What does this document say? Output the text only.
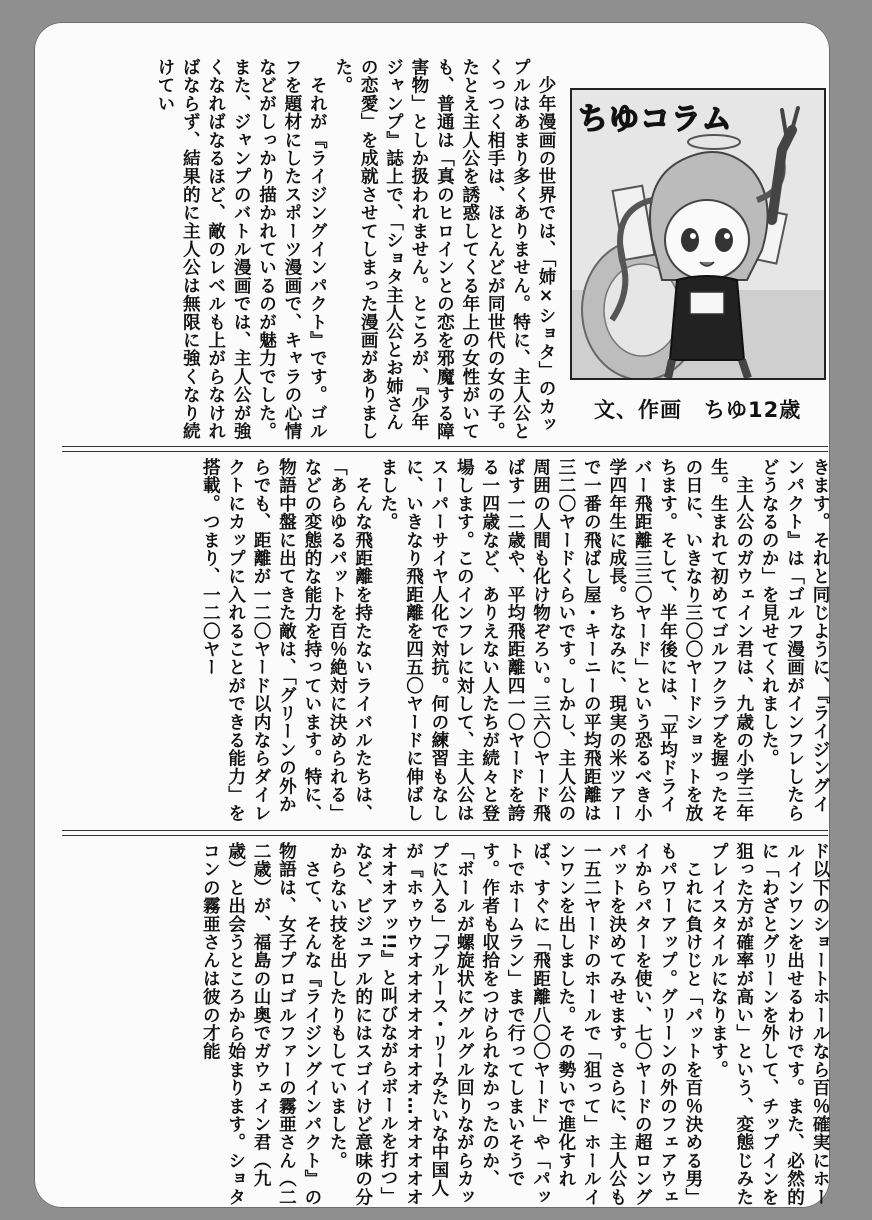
ちゆコラム
文、作画　ちゆ12歳
　少年漫画の世界では、「姉×ショタ」のカップルはあまり多くありません。特に、主人公とくっつく相手は、ほとんどが同世代の女の子。たとえ主人公を誘惑してくる年上の女性がいても、普通は「真のヒロインとの恋を邪魔する障害物」としか扱われません。ところが、『少年ジャンプ』誌上で、「ショタ主人公とお姉さんの恋愛」を成就させてしまった漫画がありました。
　それが『ライジングインパクト』です。ゴルフを題材にしたスポーツ漫画で、キャラの心情などがしっかり描かれているのが魅力でした。また、ジャンプのバトル漫画では、主人公が強くなればなるほど、敵のレベルも上がらなければならず、結果的に主人公は無限に強くなり続けてい
きます。それと同じように、『ライジングインパクト』は「ゴルフ漫画がインフレしたらどうなるのか」を見せてくれました。
　主人公のガウェイン君は、九歳の小学三年生。生まれて初めてゴルフクラブを握ったその日に、いきなり三〇〇ヤードショットを放ちます。そして、半年後には、「平均ドライバー飛距離三三〇ヤード」という恐るべき小学四年生に成長。ちなみに、現実の米ツアーで一番の飛ばし屋・キーニーの平均飛距離は三二〇ヤードくらいです。しかし、主人公の周囲の人間も化け物ぞろい。三六〇ヤード飛ばす一二歳や、平均飛距離四一〇ヤードを誇る一四歳など、ありえない人たちが続々と登場します。このインフレに対して、主人公はスーパーサイヤ人化で対抗。何の練習もなしに、いきなり飛距離を四五〇ヤードに伸ばしました。
　そんな飛距離を持たないライバルたちは、「あらゆるパットを百％絶対に決められる」などの変態的な能力を持っています。特に、物語中盤に出てきた敵は、「グリーンの外からでも、距離が一二〇ヤード以内ならダイレクトにカップに入れることができる能力」を搭載。つまり、一二〇ヤー
ド以下のショートホールなら百％確実にホールインワンを出せるわけです。また、必然的に「わざとグリーンを外して、チップインを狙った方が確率が高い」という、変態じみたプレイスタイルになります。
　これに負けじと「パットを百％決める男」もパワーアップ。グリーンの外のフェアウェイからパターを使い、七〇ヤードの超ロングパットを決めてみせます。さらに、主人公も一五二ヤードのホールで「狙って」ホールインワンを出しました。その勢いで進化すれば、すぐに「飛距離八〇〇ヤード」や「パットでホームラン」まで行ってしまいそうです。作者も収拾をつけられなかったのか、「ボールが螺旋状にグルグル回りながらカップに入る」「ブルース・リーみたいな中国人が『ホゥウウオオオオオオオオ…オオオオオオオオアッ!!』と叫びながらボールを打つ」など、ビジュアル的にはスゴイけど意味の分からない技を出したりもしていました。
　さて、そんな『ライジングインパクト』の物語は、女子プロゴルファーの霧亜さん（二二歳）が、福島の山奥でガウェイン君（九歳）と出会うところから始まります。ショタコンの霧亜さんは彼の才能
